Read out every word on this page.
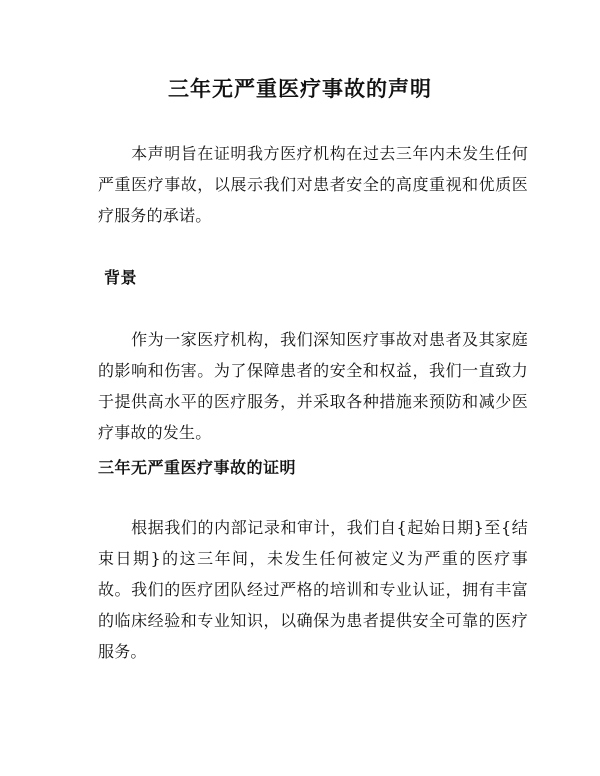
三年无严重医疗事故的声明

　　本声明旨在证明我方医疗机构在过去三年内未发生任何严重医疗事故，以展示我们对患者安全的高度重视和优质医疗服务的承诺。

背景

　　作为一家医疗机构，我们深知医疗事故对患者及其家庭的影响和伤害。为了保障患者的安全和权益，我们一直致力于提供高水平的医疗服务，并采取各种措施来预防和减少医疗事故的发生。

三年无严重医疗事故的证明

　　根据我们的内部记录和审计，我们自{起始日期}至{结束日期}的这三年间，未发生任何被定义为严重的医疗事故。我们的医疗团队经过严格的培训和专业认证，拥有丰富的临床经验和专业知识，以确保为患者提供安全可靠的医疗服务。
